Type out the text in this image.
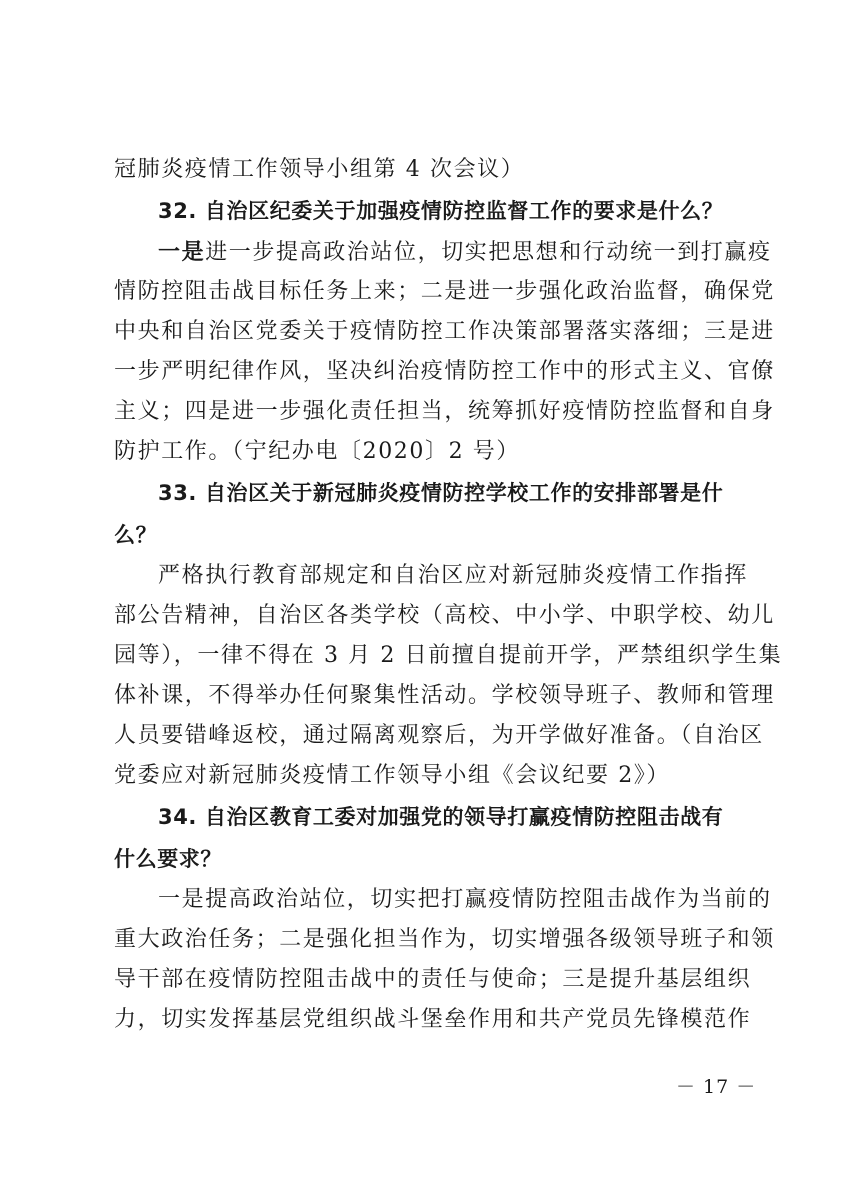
冠肺炎疫情工作领导小组第 4 次会议）
32. 自治区纪委关于加强疫情防控监督工作的要求是什么？
一是进一步提高政治站位，切实把思想和行动统一到打赢疫
情防控阻击战目标任务上来；二是进一步强化政治监督，确保党
中央和自治区党委关于疫情防控工作决策部署落实落细；三是进
一步严明纪律作风，坚决纠治疫情防控工作中的形式主义、官僚
主义；四是进一步强化责任担当，统筹抓好疫情防控监督和自身
防护工作。（宁纪办电〔2020〕2 号）
33. 自治区关于新冠肺炎疫情防控学校工作的安排部署是什
么？
严格执行教育部规定和自治区应对新冠肺炎疫情工作指挥
部公告精神，自治区各类学校（高校、中小学、中职学校、幼儿
园等），一律不得在 3 月 2 日前擅自提前开学，严禁组织学生集
体补课，不得举办任何聚集性活动。学校领导班子、教师和管理
人员要错峰返校，通过隔离观察后，为开学做好准备。（自治区
党委应对新冠肺炎疫情工作领导小组《会议纪要 2》）
34. 自治区教育工委对加强党的领导打赢疫情防控阻击战有
什么要求？
一是提高政治站位，切实把打赢疫情防控阻击战作为当前的
重大政治任务；二是强化担当作为，切实增强各级领导班子和领
导干部在疫情防控阻击战中的责任与使命；三是提升基层组织
力，切实发挥基层党组织战斗堡垒作用和共产党员先锋模范作
－ 17 －
